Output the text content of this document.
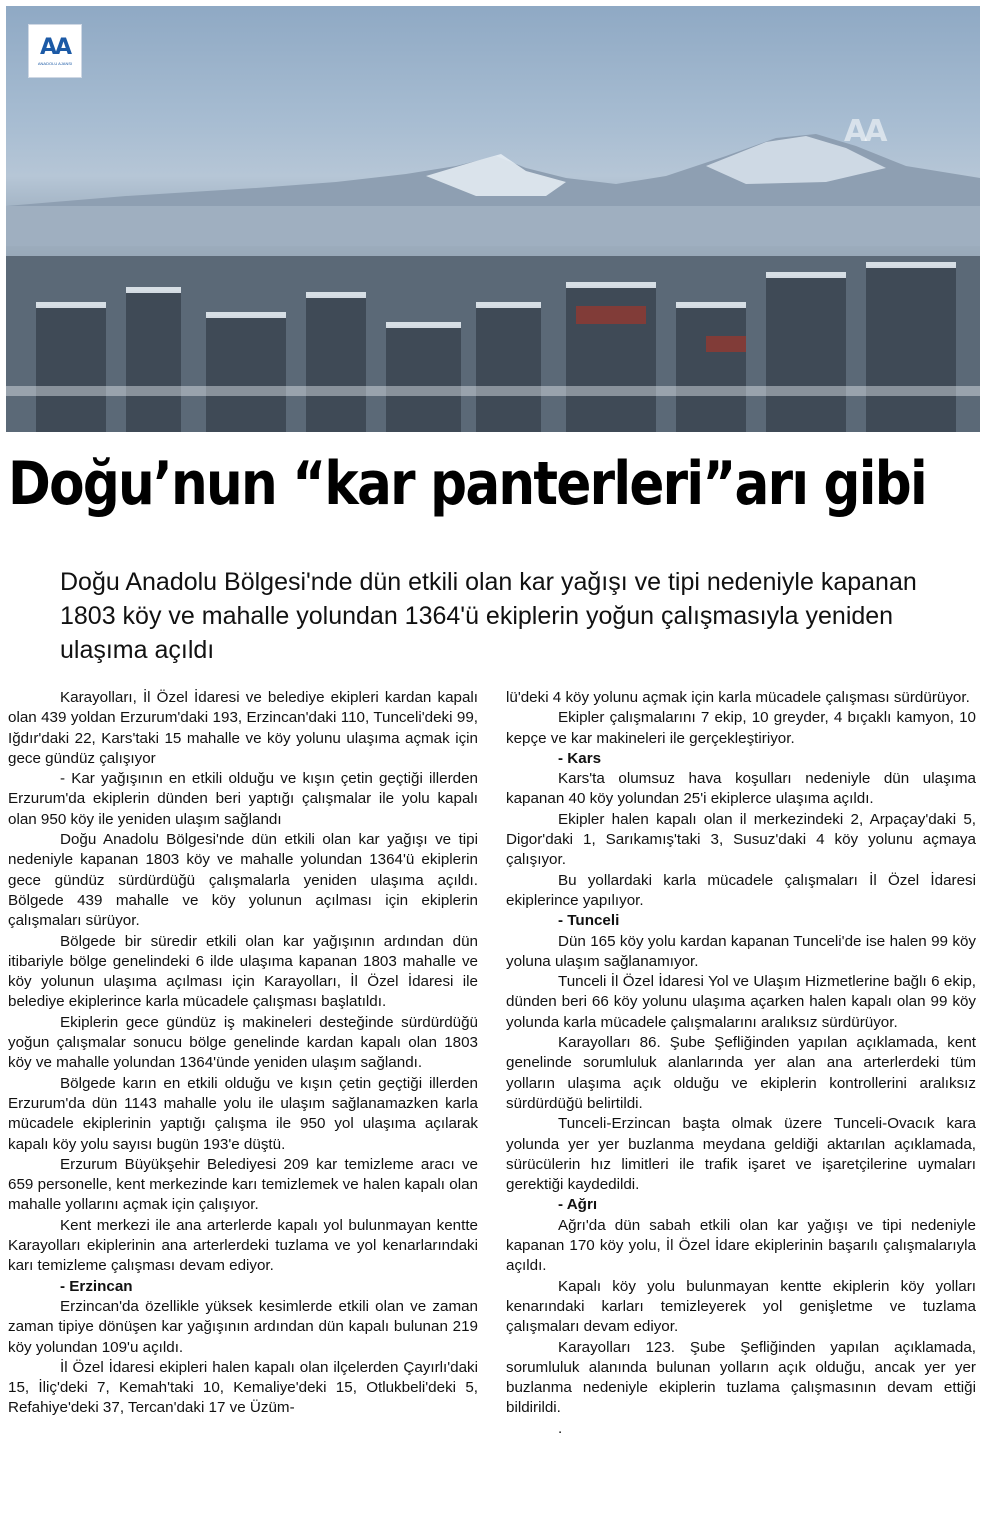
AA
ANADOLU AJANSI
AA
Doğu’nun “kar panterleri”arı gibi

Doğu Anadolu Bölgesi'nde dün etkili olan kar yağışı ve tipi nedeniyle kapanan 1803 köy ve mahalle yolundan 1364'ü ekiplerin yoğun çalışmasıyla yeniden ulaşıma açıldı

Karayolları, İl Özel İdaresi ve belediye ekipleri kardan kapalı olan 439 yoldan Erzurum'daki 193, Erzincan'daki 110, Tunceli'deki 99, Iğdır'daki 22, Kars'taki 15 mahalle ve köy yolunu ulaşıma açmak için gece gündüz çalışıyor

- Kar yağışının en etkili olduğu ve kışın çetin geçtiği illerden Erzurum'da ekiplerin dünden beri yaptığı çalışmalar ile yolu kapalı olan 950 köy ile yeniden ulaşım sağlandı

Doğu Anadolu Bölgesi'nde dün etkili olan kar yağışı ve tipi nedeniyle kapanan 1803 köy ve mahalle yolundan 1364'ü ekiplerin gece gündüz sürdürdüğü çalışmalarla yeniden ulaşıma açıldı. Bölgede 439 mahalle ve köy yolunun açılması için ekiplerin çalışmaları sürüyor.

Bölgede bir süredir etkili olan kar yağışının ardından dün itibariyle bölge genelindeki 6 ilde ulaşıma kapanan 1803 mahalle ve köy yolunun ulaşıma açılması için Karayolları, İl Özel İdaresi ile belediye ekiplerince karla mücadele çalışması başlatıldı.

Ekiplerin gece gündüz iş makineleri desteğinde sürdürdüğü yoğun çalışmalar sonucu bölge genelinde kardan kapalı olan 1803 köy ve mahalle yolundan 1364'ünde yeniden ulaşım sağlandı.

Bölgede karın en etkili olduğu ve kışın çetin geçtiği illerden Erzurum'da dün 1143 mahalle yolu ile ulaşım sağlanamazken karla mücadele ekiplerinin yaptığı çalışma ile 950 yol ulaşıma açılarak kapalı köy yolu sayısı bugün 193'e düştü.

Erzurum Büyükşehir Belediyesi 209 kar temizleme aracı ve 659 personelle, kent merkezinde karı temizlemek ve halen kapalı olan mahalle yollarını açmak için çalışıyor.

Kent merkezi ile ana arterlerde kapalı yol bulunmayan kentte Karayolları ekiplerinin ana arterlerdeki tuzlama ve yol kenarlarındaki karı temizleme çalışması devam ediyor.

- Erzincan

Erzincan'da özellikle yüksek kesimlerde etkili olan ve zaman zaman tipiye dönüşen kar yağışının ardından dün kapalı bulunan 219 köy yolundan 109'u açıldı.

İl Özel İdaresi ekipleri halen kapalı olan ilçelerden Çayırlı'daki 15, İliç'deki 7, Kemah'taki 10, Kemaliye'deki 15, Otlukbeli'deki 5, Refahiye'deki 37, Tercan'daki 17 ve Üzüm-

lü'deki 4 köy yolunu açmak için karla mücadele çalışması sürdürüyor.

Ekipler çalışmalarını 7 ekip, 10 greyder, 4 bıçaklı kamyon, 10 kepçe ve kar makineleri ile gerçekleştiriyor.

- Kars

Kars'ta olumsuz hava koşulları nedeniyle dün ulaşıma kapanan 40 köy yolundan 25'i ekiplerce ulaşıma açıldı.

Ekipler halen kapalı olan il merkezindeki 2, Arpaçay'daki 5, Digor'daki 1, Sarıkamış'taki 3, Susuz'daki 4 köy yolunu açmaya çalışıyor.

Bu yollardaki karla mücadele çalışmaları İl Özel İdaresi ekiplerince yapılıyor.

- Tunceli

Dün 165 köy yolu kardan kapanan Tunceli'de ise halen 99 köy yoluna ulaşım sağlanamıyor.

Tunceli İl Özel İdaresi Yol ve Ulaşım Hizmetlerine bağlı 6 ekip, dünden beri 66 köy yolunu ulaşıma açarken halen kapalı olan 99 köy yolunda karla mücadele çalışmalarını aralıksız sürdürüyor.

Karayolları 86. Şube Şefliğinden yapılan açıklamada, kent genelinde sorumluluk alanlarında yer alan ana arterlerdeki tüm yolların ulaşıma açık olduğu ve ekiplerin kontrollerini aralıksız sürdürdüğü belirtildi.

Tunceli-Erzincan başta olmak üzere Tunceli-Ovacık kara yolunda yer yer buzlanma meydana geldiği aktarılan açıklamada, sürücülerin hız limitleri ile trafik işaret ve işaretçilerine uymaları gerektiği kaydedildi.

- Ağrı

Ağrı'da dün sabah etkili olan kar yağışı ve tipi nedeniyle kapanan 170 köy yolu, İl Özel İdare ekiplerinin başarılı çalışmalarıyla açıldı.

Kapalı köy yolu bulunmayan kentte ekiplerin köy yolları kenarındaki karları temizleyerek yol genişletme ve tuzlama çalışmaları devam ediyor.

Karayolları 123. Şube Şefliğinden yapılan açıklamada, sorumluluk alanında bulunan yolların açık olduğu, ancak yer yer buzlanma nedeniyle ekiplerin tuzlama çalışmasının devam ettiği bildirildi.

.
